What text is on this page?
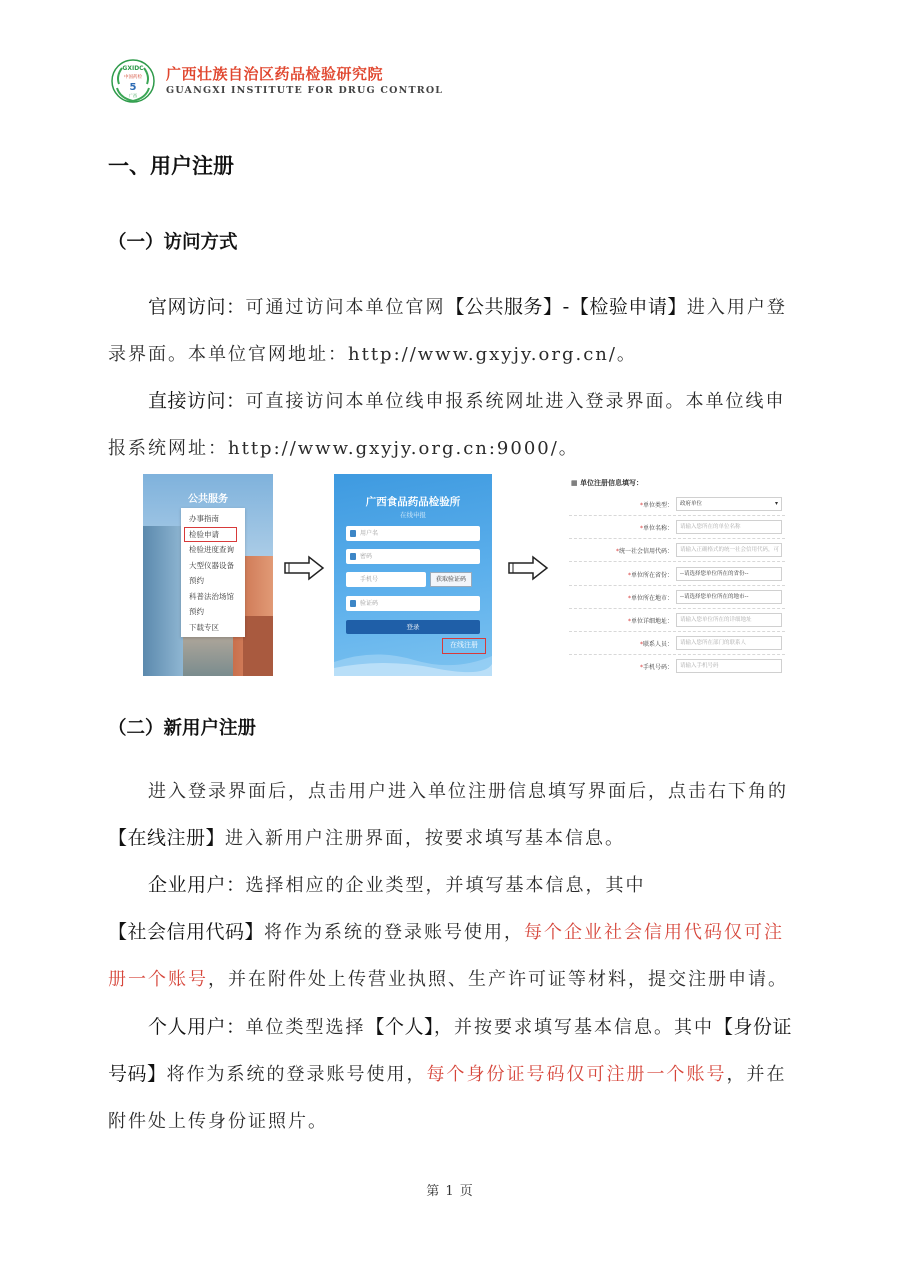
GXIDC
中国药检
5
广西
广西壮族自治区药品检验研究院
GUANGXI INSTITUTE FOR DRUG CONTROL
一、用户注册
（一）访问方式
官网访问：可通过访问本单位官网【公共服务】-【检验申请】进入用户登录界面。本单位官网地址：http://www.gxyjy.org.cn/。
直接访问：可直接访问本单位线申报系统网址进入登录界面。本单位线申报系统网址：http://www.gxyjy.org.cn:9000/。
公共服务
办事指南
检验申请
检验进度查询
大型仪器设备
预约
科普法治场馆
预约
下载专区
广西食品药品检验所
在线申报
用户名
密码
手机号	获取验证码
验证码
登录
在线注册
▦ 单位注册信息填写：
*单位类型：	政府单位	▾
*单位名称：	请输入您所在的单位名称
*统一社会信用代码：	请输入正确格式的统一社会信用代码，可
*单位所在省份：	--请选择您单位所在的省份--
*单位所在地市：	--请选择您单位所在的地市--
*单位详细地址：	请输入您单位所在的详细地址
*联系人员：	请输入您所在部门的联系人
*手机号码：	请输入手机号码
（二）新用户注册
进入登录界面后，点击用户进入单位注册信息填写界面后，点击右下角的【在线注册】进入新用户注册界面，按要求填写基本信息。
企业用户：选择相应的企业类型，并填写基本信息，其中【社会信用代码】将作为系统的登录账号使用，每个企业社会信用代码仅可注册一个账号，并在附件处上传营业执照、生产许可证等材料，提交注册申请。
个人用户：单位类型选择【个人】，并按要求填写基本信息。其中【身份证号码】将作为系统的登录账号使用，每个身份证号码仅可注册一个账号，并在附件处上传身份证照片。
第 1 页
